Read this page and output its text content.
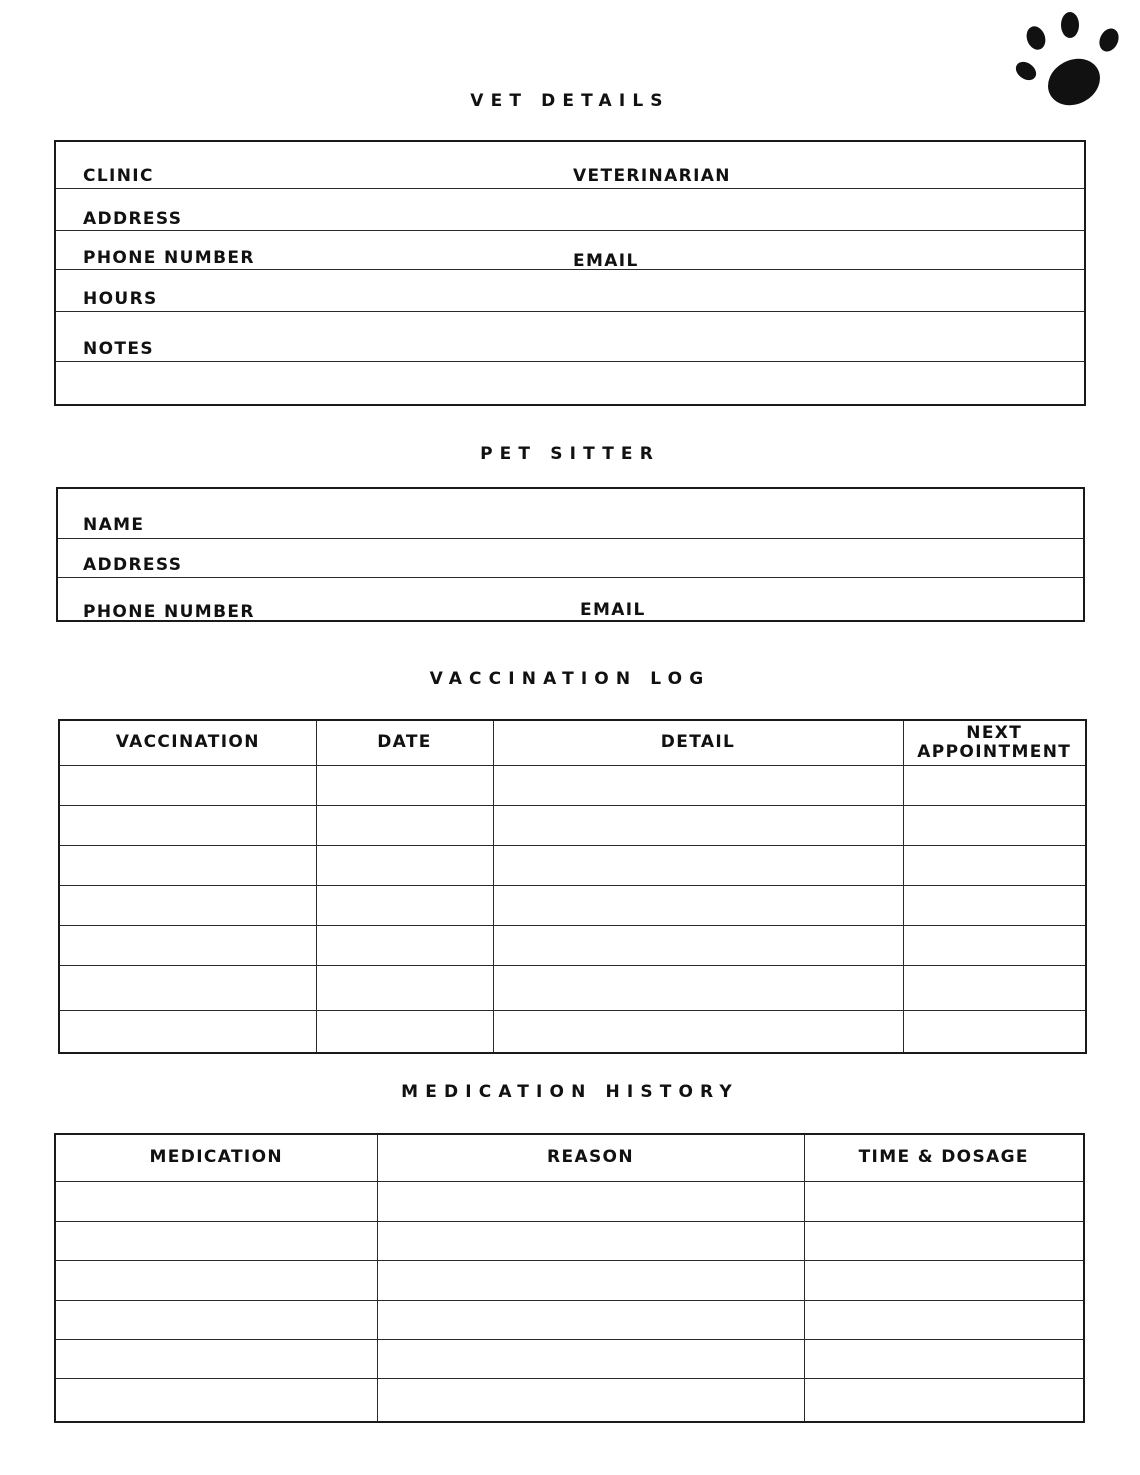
VET DETAILS
CLINIC	VETERINARIAN
ADDRESS
PHONE NUMBER	EMAIL
HOURS
NOTES
PET SITTER
NAME
ADDRESS
PHONE NUMBER	EMAIL
VACCINATION LOG
VACCINATION	DATE	DETAIL	NEXT
APPOINTMENT

MEDICATION HISTORY
MEDICATION	REASON	TIME & DOSAGE
